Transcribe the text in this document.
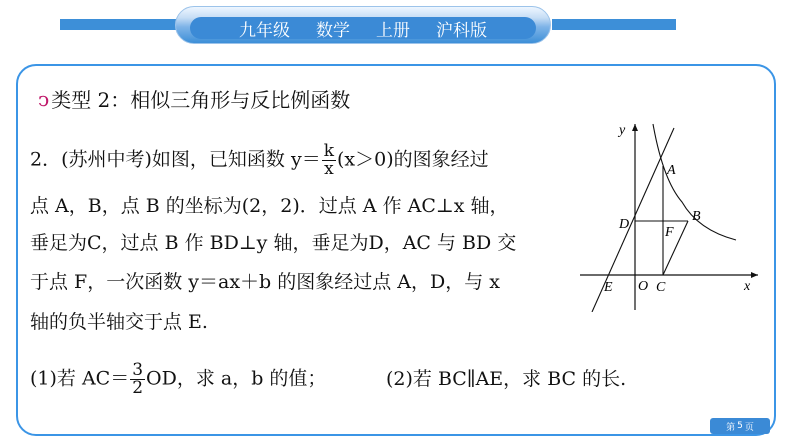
九年级 数学 上册 沪科版
ↄ 类型 2：相似三角形与反比例函数
2．(苏州中考)如图，已知函数 $y= \frac{k}{x} (x>0)$的图象经过
点 A，B，点 B 的坐标为(2，2)．过点 A 作 AC⊥x 轴，
垂足为C，过点 B 作 BD⊥y 轴，垂足为D，AC 与 BD 交
于点 F，一次函数 y＝ax＋b 的图象经过点 A，D，与 x
轴的负半轴交于点 E.
(1)若 $AC= \frac{3}{2}$ OD，求 a，b 的值；	(2)若 BC∥AE，求 BC 的长.
y
x
A
B
D
F
E O C
第 5 页
